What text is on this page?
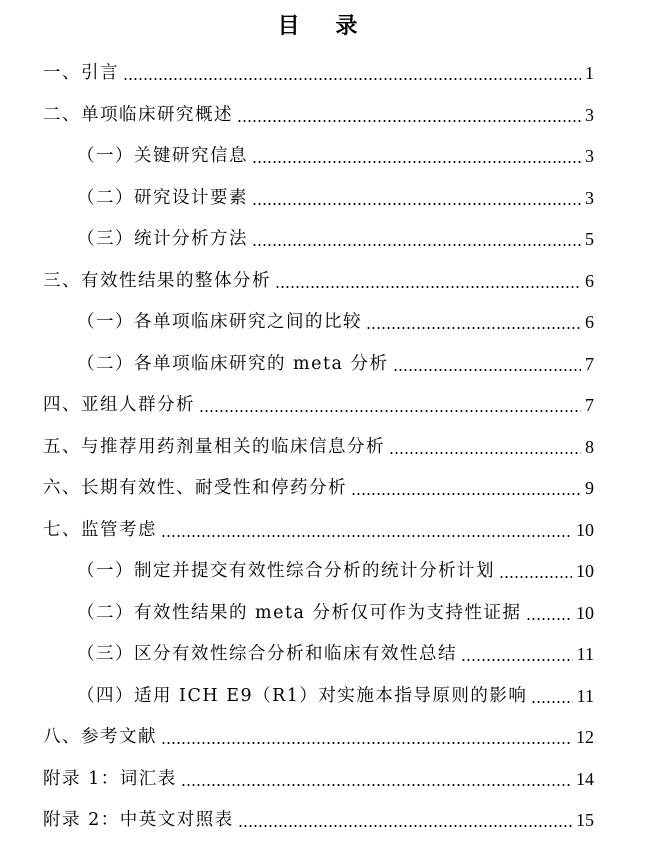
目 录
一、引言	1
二、单项临床研究概述	3
（一）关键研究信息	3
（二）研究设计要素	3
（三）统计分析方法	5
三、有效性结果的整体分析	6
（一）各单项临床研究之间的比较	6
（二）各单项临床研究的 meta 分析	7
四、亚组人群分析	7
五、与推荐用药剂量相关的临床信息分析	8
六、长期有效性、耐受性和停药分析	9
七、监管考虑	10
（一）制定并提交有效性综合分析的统计分析计划	10
（二）有效性结果的 meta 分析仅可作为支持性证据	10
（三）区分有效性综合分析和临床有效性总结	11
（四）适用 ICH E9（R1）对实施本指导原则的影响	11
八、参考文献	12
附录 1：词汇表	14
附录 2：中英文对照表	15
